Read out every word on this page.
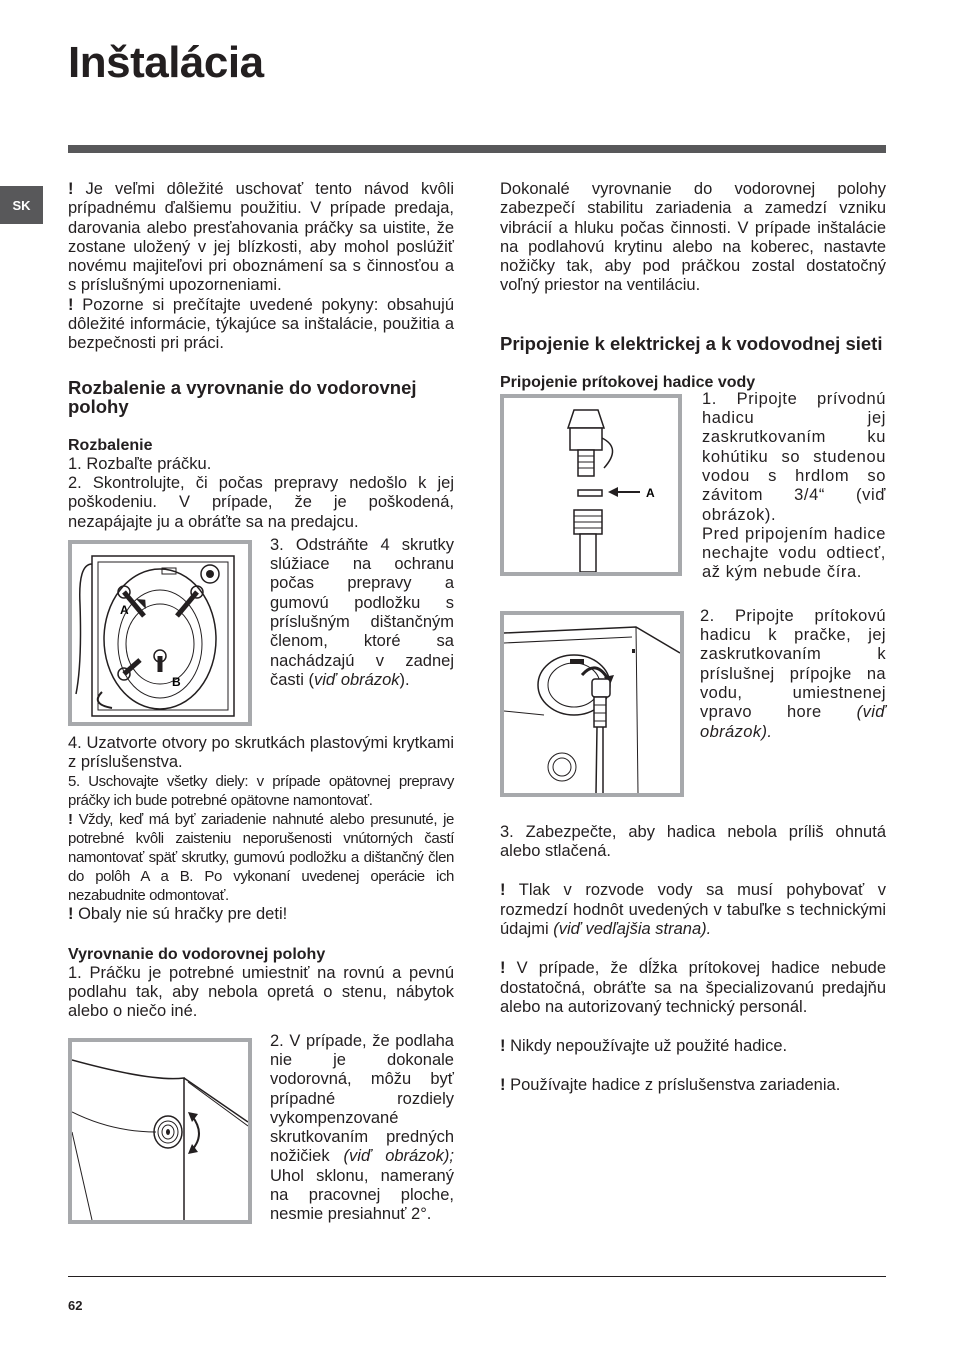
Inštalácia
SK

! Je veľmi dôležité uschovať tento návod kvôli prípadnému ďalšiemu použitiu. V prípade predaja, darovania alebo presťahovania práčky sa uistite, že zostane uložený v jej blízkosti, aby mohol poslúžiť novému majiteľovi pri oboznámení sa s činnosťou a s príslušnými upozorneniami.

! Pozorne si prečítajte uvedené pokyny: obsahujú dôležité informácie, týkajúce sa inštalácie, použitia a bezpečnosti pri práci.

Rozbalenie a vyrovnanie do vodorovnej polohy
Rozbalenie

1. Rozbaľte práčku.

2. Skontrolujte, či počas prepravy nedošlo k jej poškodeniu. V prípade, že je poškodená, nezapájajte ju a obráťte sa na predajcu.

A
B

3. Odstráňte 4 skrutky slúžiace na ochranu počas prepravy a gumovú podložku s príslušným dištančným členom, ktoré sa nachádzajú v zadnej časti (viď obrázok).

4. Uzatvorte otvory po skrutkách plastovými krytkami z príslušenstva.

5. Uschovajte všetky diely: v prípade opätovnej prepravy práčky ich bude potrebné opätovne namontovať.

! Vždy, keď má byť zariadenie nahnuté alebo presunuté, je potrebné kvôli zaisteniu neporušenosti vnútorných častí namontovať späť skrutky, gumovú podložku a dištančný člen do polôh A a B. Po vykonaní uvedenej operácie ich nezabudnite odmontovať.

! Obaly nie sú hračky pre deti!

Vyrovnanie do vodorovnej polohy

1. Práčku je potrebné umiestniť na rovnú a pevnú podlahu tak, aby nebola opretá o stenu, nábytok alebo o niečo iné.

2. V prípade, že podlaha nie je dokonale vodorovná, môžu byť prípadné rozdiely vykompenzované skrutkovaním predných nožičiek (viď obrázok); Uhol sklonu, nameraný na pracovnej ploche, nesmie presiahnuť 2°.

Dokonalé vyrovnanie do vodorovnej polohy zabezpečí stabilitu zariadenia a zamedzí vzniku vibrácií a hluku počas činnosti. V prípade inštalácie na podlahovú krytinu alebo na koberec, nastavte nožičky tak, aby pod práčkou zostal dostatočný voľný priestor na ventiláciu.

Pripojenie k elektrickej a k vodovodnej sieti
Pripojenie prítokovej hadice vody
A

1. Pripojte prívodnú hadicu jej zaskrutkovaním ku kohútiku so studenou vodou s hrdlom so závitom 3/4“ (viď obrázok).

Pred pripojením hadice nechajte vodu odtiecť, až kým nebude číra.

2. Pripojte prítokovú hadicu k pračke, jej zaskrutkovaním k príslušnej prípojke na vodu, umiestnenej vpravo hore (viď obrázok).

3. Zabezpečte, aby hadica nebola príliš ohnutá alebo stlačená.

! Tlak v rozvode vody sa musí pohybovať v rozmedzí hodnôt uvedených v tabuľke s technickými údajmi (viď vedľajšia strana).

! V prípade, že dĺžka prítokovej hadice nebude dostatočná, obráťte sa na špecializovanú predajňu alebo na autorizovaný technický personál.

! Nikdy nepoužívajte už použité hadice.

! Používajte hadice z príslušenstva zariadenia.

62
